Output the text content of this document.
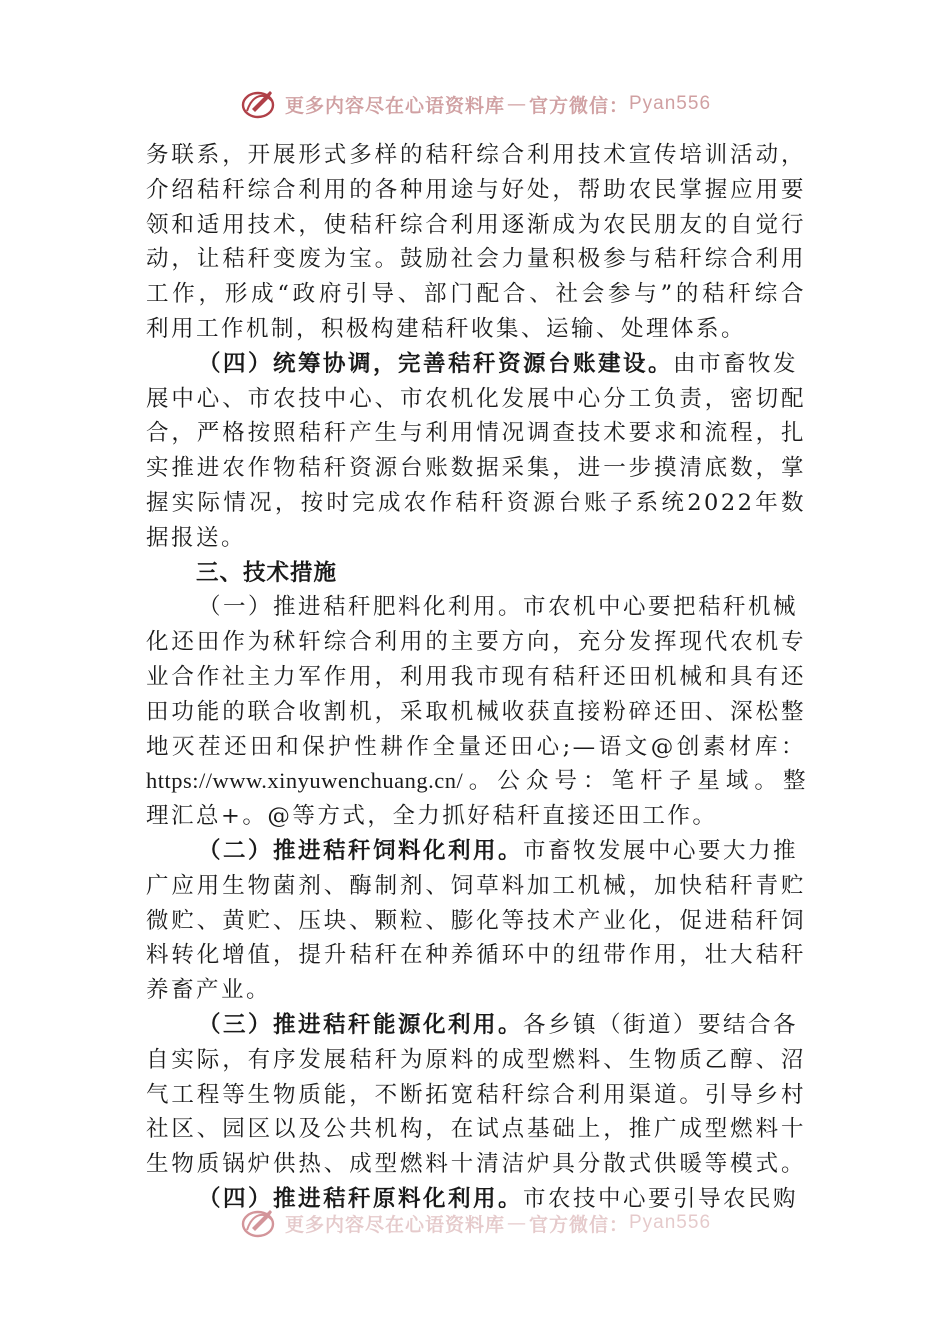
更多内容尽在心语资料库 — 官方微信： Pyan556
务联系，开展形式多样的秸秆综合利用技术宣传培训活动，
介绍秸秆综合利用的各种用途与好处，帮助农民掌握应用要
领和适用技术，使秸秆综合利用逐渐成为农民朋友的自觉行
动，让秸秆变废为宝。鼓励社会力量积极参与秸秆综合利用
工作，形成“政府引导、部门配合、社会参与”的秸秆综合
利用工作机制，积极构建秸秆收集、运输、处理体系。
（四）统筹协调，完善秸秆资源台账建设。由市畜牧发
展中心、市农技中心、市农机化发展中心分工负责，密切配
合，严格按照秸秆产生与利用情况调查技术要求和流程，扎
实推进农作物秸秆资源台账数据采集，进一步摸清底数，掌
握实际情况，按时完成农作秸秆资源台账子系统2022年数
据报送。
三、技术措施
（一）推进秸秆肥料化利用。市农机中心要把秸秆机械
化还田作为秫轩综合利用的主要方向，充分发挥现代农机专
业合作社主力军作用，利用我市现有秸秆还田机械和具有还
田功能的联合收割机，采取机械收获直接粉碎还田、深松整
地灭茬还田和保护性耕作全量还田心;—语文@创素材库：
https://www.xinyuwenchuang.cn/。公众号：笔杆子星域。整
理汇总+。@等方式，全力抓好秸秆直接还田工作。
（二）推进秸秆饲料化利用。市畜牧发展中心要大力推
广应用生物菌剂、酶制剂、饲草料加工机械，加快秸秆青贮
微贮、黄贮、压块、颗粒、膨化等技术产业化，促进秸秆饲
料转化增值，提升秸秆在种养循环中的纽带作用，壮大秸秆
养畜产业。
（三）推进秸秆能源化利用。各乡镇（街道）要结合各
自实际，有序发展秸秆为原料的成型燃料、生物质乙醇、沼
气工程等生物质能，不断拓宽秸秆综合利用渠道。引导乡村
社区、园区以及公共机构，在试点基础上，推广成型燃料十
生物质锅炉供热、成型燃料十清洁炉具分散式供暖等模式。
（四）推进秸秆原料化利用。市农技中心要引导农民购
更多内容尽在心语资料库 — 官方微信： Pyan556
